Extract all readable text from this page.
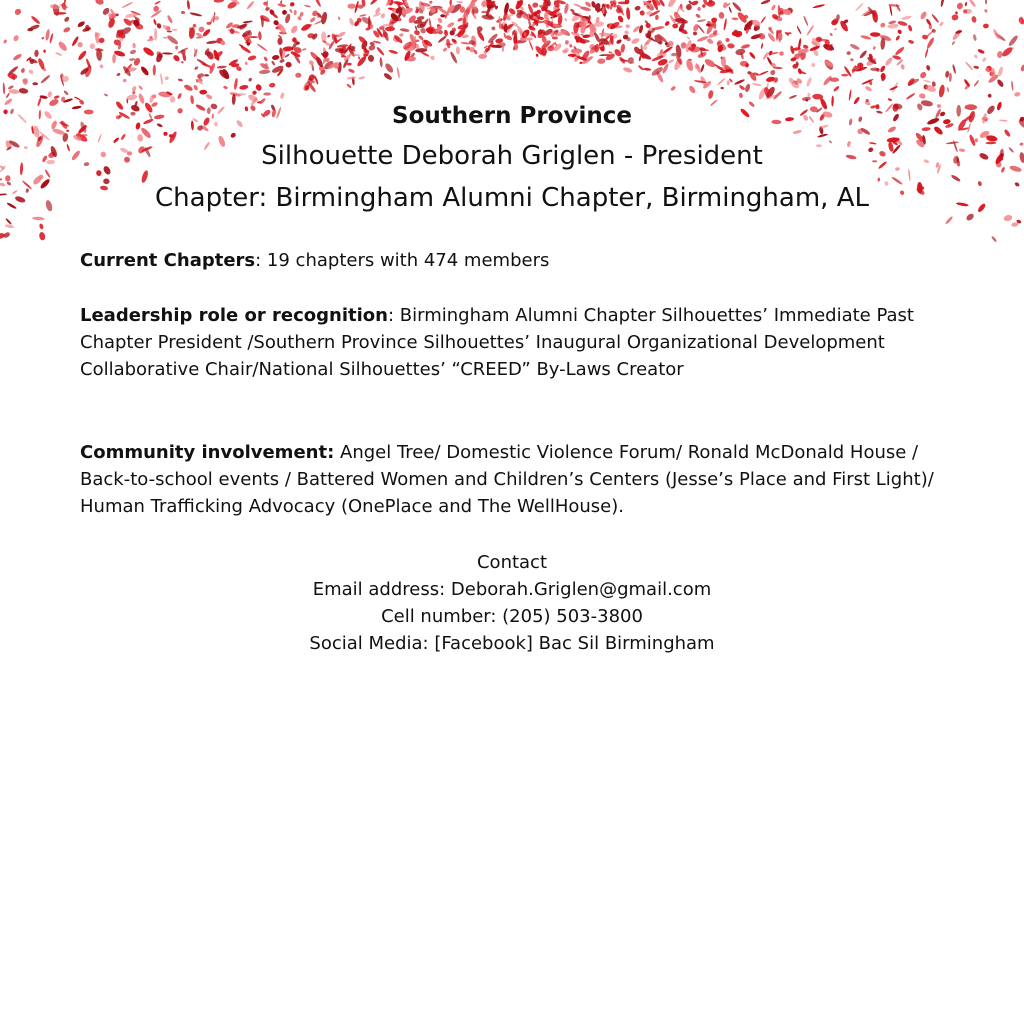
Southern Province
Silhouette Deborah Griglen - President
Chapter: Birmingham Alumni Chapter, Birmingham, AL
Current Chapters: 19 chapters with 474 members
Leadership role or recognition: Birmingham Alumni Chapter Silhouettes’ Immediate Past Chapter President /Southern Province Silhouettes’ Inaugural Organizational Development Collaborative Chair/National Silhouettes’ “CREED” By-Laws Creator
Community involvement: Angel Tree/ Domestic Violence Forum/ Ronald McDonald House / Back-to-school events / Battered Women and Children’s Centers (Jesse’s Place and First Light)/ Human Trafficking Advocacy (OnePlace and The WellHouse).
Contact
Email address: Deborah.Griglen@gmail.com
Cell number: (205) 503-3800
Social Media: [Facebook] Bac Sil Birmingham
